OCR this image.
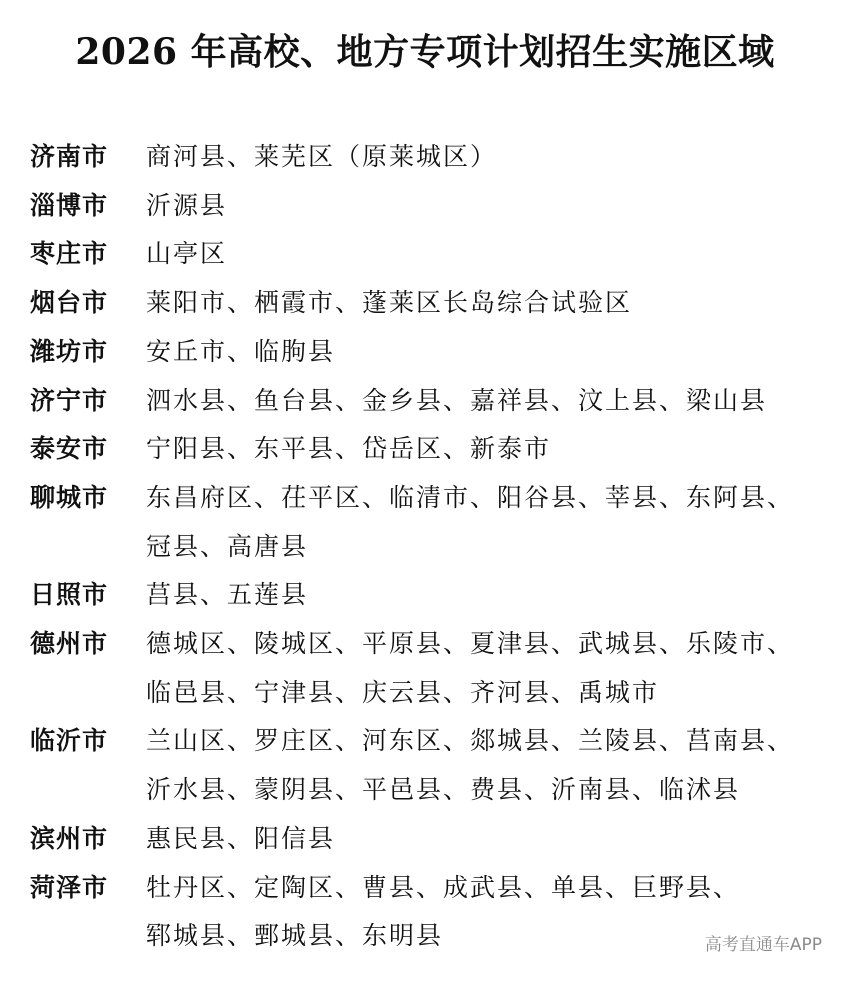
2026 年高校、地方专项计划招生实施区域
济南市	商河县、莱芜区（原莱城区）
淄博市	沂源县
枣庄市	山亭区
烟台市	莱阳市、栖霞市、蓬莱区长岛综合试验区
潍坊市	安丘市、临朐县
济宁市	泗水县、鱼台县、金乡县、嘉祥县、汶上县、梁山县
泰安市	宁阳县、东平县、岱岳区、新泰市
聊城市	东昌府区、茌平区、临清市、阳谷县、莘县、东阿县、
冠县、高唐县
日照市	莒县、五莲县
德州市	德城区、陵城区、平原县、夏津县、武城县、乐陵市、
临邑县、宁津县、庆云县、齐河县、禹城市
临沂市	兰山区、罗庄区、河东区、郯城县、兰陵县、莒南县、
沂水县、蒙阴县、平邑县、费县、沂南县、临沭县
滨州市	惠民县、阳信县
菏泽市	牡丹区、定陶区、曹县、成武县、单县、巨野县、
郓城县、鄄城县、东明县	高考直通车APP
